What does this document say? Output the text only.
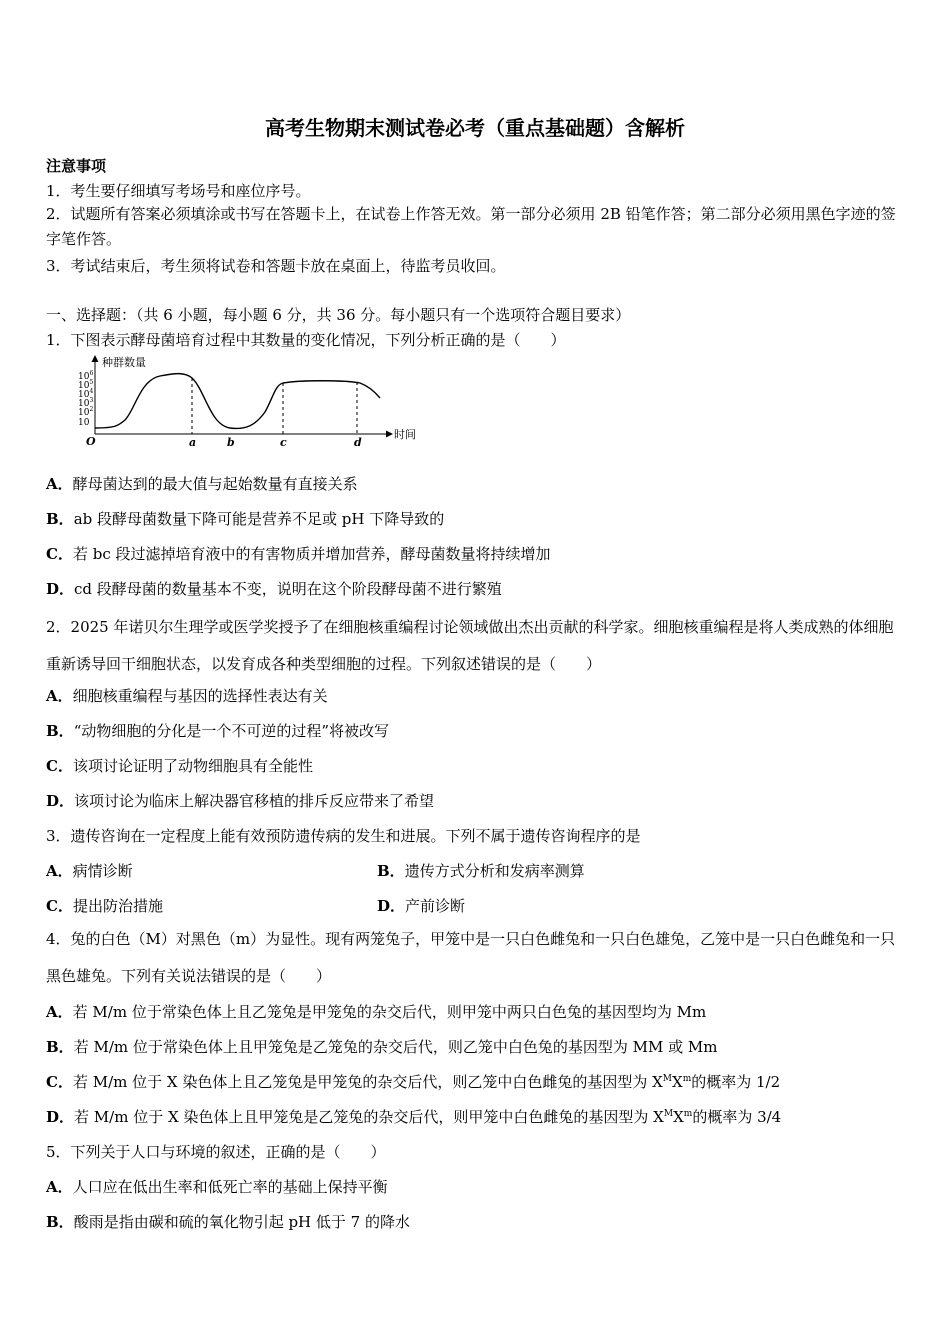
高考生物期末测试卷必考（重点基础题）含解析
注意事项
1．考生要仔细填写考场号和座位序号。
2．试题所有答案必须填涂或书写在答题卡上，在试卷上作答无效。第一部分必须用 2B 铅笔作答；第二部分必须用黑色字迹的签字笔作答。
3．考试结束后，考生须将试卷和答题卡放在桌面上，待监考员收回。
一、选择题：（共 6 小题，每小题 6 分，共 36 分。每小题只有一个选项符合题目要求）
1．下图表示酵母菌培育过程中其数量的变化情况，下列分析正确的是（　　）
种群数量
时间
O
$10^6$
$10^5$
$10^4$
$10^3$
$10^2$
10
a	b	c	d
A．酵母菌达到的最大值与起始数量有直接关系
B．ab 段酵母菌数量下降可能是营养不足或 pH 下降导致的
C．若 bc 段过滤掉培育液中的有害物质并增加营养，酵母菌数量将持续增加
D．cd 段酵母菌的数量基本不变，说明在这个阶段酵母菌不进行繁殖
2．2025 年诺贝尔生理学或医学奖授予了在细胞核重编程讨论领域做出杰出贡献的科学家。细胞核重编程是将人类成熟的体细胞重新诱导回干细胞状态，以发育成各种类型细胞的过程。下列叙述错误的是（　　）
A．细胞核重编程与基因的选择性表达有关
B．“动物细胞的分化是一个不可逆的过程”将被改写
C．该项讨论证明了动物细胞具有全能性
D．该项讨论为临床上解决器官移植的排斥反应带来了希望
3．遗传咨询在一定程度上能有效预防遗传病的发生和进展。下列不属于遗传咨询程序的是
A．病情诊断	B．遗传方式分析和发病率测算
C．提出防治措施	D．产前诊断
4．兔的白色（M）对黑色（m）为显性。现有两笼兔子，甲笼中是一只白色雌兔和一只白色雄兔，乙笼中是一只白色雌兔和一只黑色雄兔。下列有关说法错误的是（　　）
A．若 M/m 位于常染色体上且乙笼兔是甲笼兔的杂交后代，则甲笼中两只白色兔的基因型均为 Mm
B．若 M/m 位于常染色体上且甲笼兔是乙笼兔的杂交后代，则乙笼中白色兔的基因型为 MM 或 Mm
C．若 M/m 位于 X 染色体上且乙笼兔是甲笼兔的杂交后代，则乙笼中白色雌兔的基因型为 $X^MX^m$的概率为 1/2
D．若 M/m 位于 X 染色体上且甲笼兔是乙笼兔的杂交后代，则甲笼中白色雌兔的基因型为 $X^MX^m$的概率为 3/4
5．下列关于人口与环境的叙述，正确的是（　　）
A．人口应在低出生率和低死亡率的基础上保持平衡
B．酸雨是指由碳和硫的氧化物引起 pH 低于 7 的降水
